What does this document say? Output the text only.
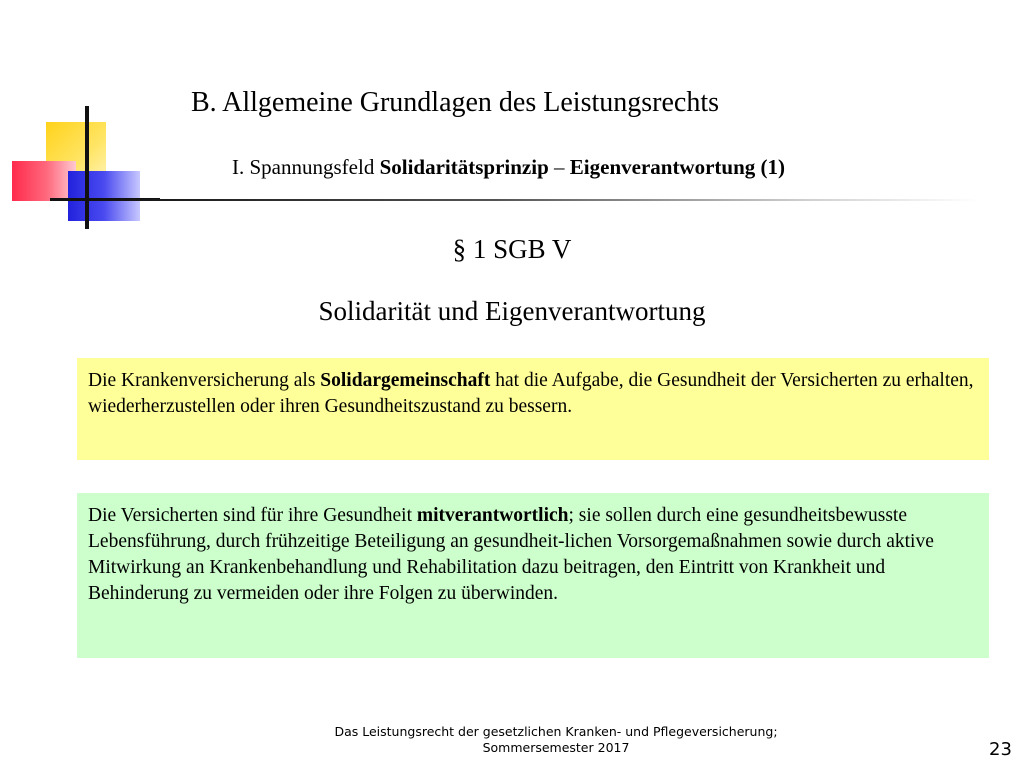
B. Allgemeine Grundlagen des Leistungsrechts
I. Spannungsfeld Solidaritätsprinzip – Eigenverantwortung (1)
§ 1 SGB V
Solidarität und Eigenverantwortung
Die Krankenversicherung als Solidargemeinschaft hat die Aufgabe, die Gesundheit der Versicherten zu erhalten, wiederherzustellen oder ihren Gesundheitszustand zu bessern.
Die Versicherten sind für ihre Gesundheit mitverantwortlich; sie sollen durch eine gesundheitsbewusste Lebensführung, durch frühzeitige Beteiligung an gesundheit-lichen Vorsorgemaßnahmen sowie durch aktive Mitwirkung an Krankenbehandlung und Rehabilitation dazu beitragen, den Eintritt von Krankheit und Behinderung zu vermeiden oder ihre Folgen zu überwinden.
Das Leistungsrecht der gesetzlichen Kranken- und Pflegeversicherung;
Sommersemester 2017	23
